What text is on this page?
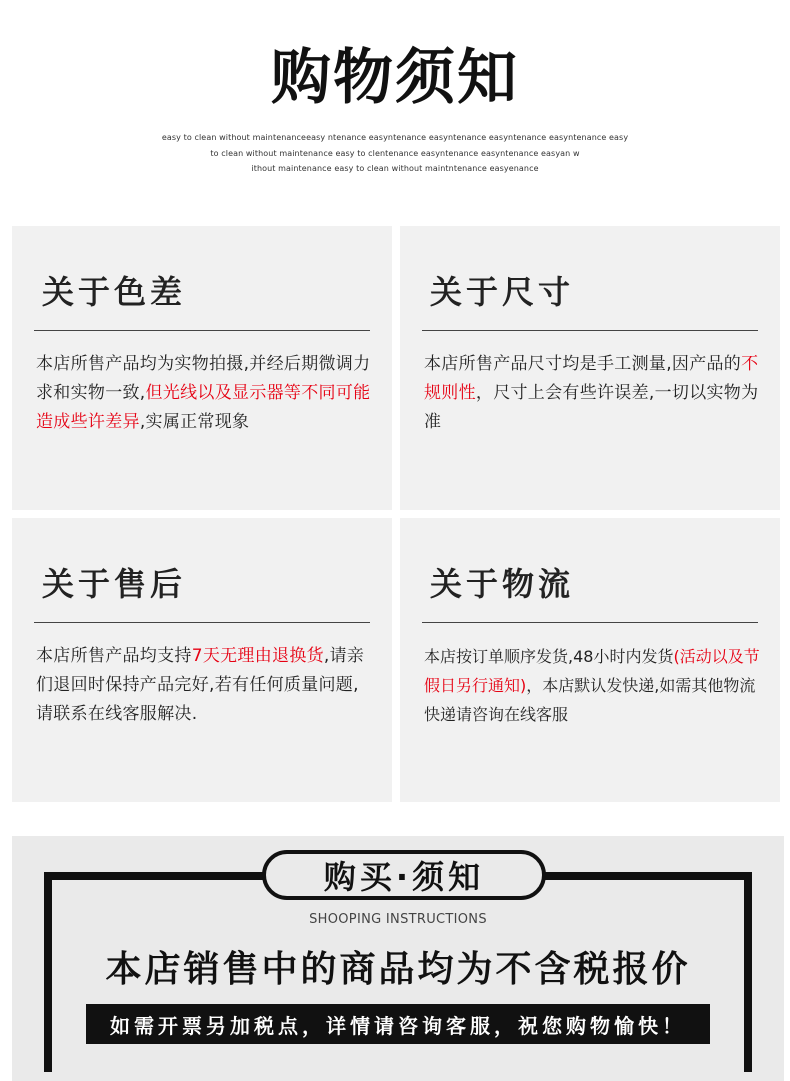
购物须知
easy to clean without maintenanceeasy ntenance easyntenance easyntenance easyntenance easyntenance easy
to clean without maintenance easy to clentenance easyntenance easyntenance easyan w
ithout maintenance easy to clean without maintntenance easyenance
关于色差

本店所售产品均为实物拍摄,并经后期微调力求和实物一致,但光线以及显示器等不同可能造成些许差异,实属正常现象

关于尺寸

本店所售产品尺寸均是手工测量,因产品的不规则性，尺寸上会有些许误差,一切以实物为准

关于售后

本店所售产品均支持7天无理由退换货,请亲们退回时保持产品完好,若有任何质量问题,请联系在线客服解决.

关于物流

本店按订单顺序发货,48小时内发货(活动以及节假日另行通知)，本店默认发快递,如需其他物流快递请咨询在线客服

购买·须知
SHOOPING INSTRUCTIONS
本店销售中的商品均为不含税报价
如需开票另加税点，详情请咨询客服，祝您购物愉快！
